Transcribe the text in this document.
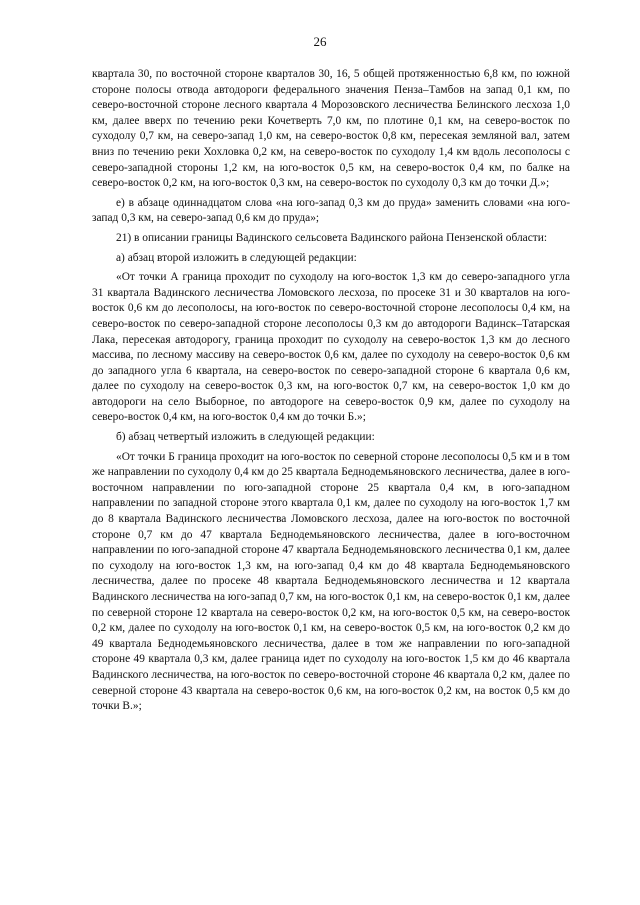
26

квартала 30, по восточной стороне кварталов 30, 16, 5 общей протяженностью 6,8 км, по южной стороне полосы отвода автодороги федерального значения Пенза–Тамбов на запад 0,1 км, по северо-восточной стороне лесного квартала 4 Морозовского лесничества Белинского лесхоза 1,0 км, далее вверх по течению реки Кочетверть 7,0 км, по плотине 0,1 км, на северо-восток по суходолу 0,7 км, на северо-запад 1,0 км, на северо-восток 0,8 км, пересекая земляной вал, затем вниз по течению реки Хохловка 0,2 км, на северо-восток по суходолу 1,4 км вдоль лесополосы с северо-западной стороны 1,2 км, на юго-восток 0,5 км, на северо-восток 0,4 км, по балке на северо-восток 0,2 км, на юго-восток 0,3 км, на северо-восток по суходолу 0,3 км до точки Д.»;

е) в абзаце одиннадцатом слова «на юго-запад 0,3 км до пруда» заменить словами «на юго-запад 0,3 км, на северо-запад 0,6 км до пруда»;

21) в описании границы Вадинского сельсовета Вадинского района Пензенской области:

а) абзац второй изложить в следующей редакции:

«От точки А граница проходит по суходолу на юго-восток 1,3 км до северо-западного угла 31 квартала Вадинского лесничества Ломовского лесхоза, по просеке 31 и 30 кварталов на юго-восток 0,6 км до лесополосы, на юго-восток по северо-восточной стороне лесополосы 0,4 км, на северо-восток по северо-западной стороне лесополосы 0,3 км до автодороги Вадинск–Татарская Лака, пересекая автодорогу, граница проходит по суходолу на северо-восток 1,3 км до лесного массива, по лесному массиву на северо-восток 0,6 км, далее по суходолу на северо-восток 0,6 км до западного угла 6 квартала, на северо-восток по северо-западной стороне 6 квартала 0,6 км, далее по суходолу на северо-восток 0,3 км, на юго-восток 0,7 км, на северо-восток 1,0 км до автодороги на село Выборное, по автодороге на северо-восток 0,9 км, далее по суходолу на северо-восток 0,4 км, на юго-восток 0,4 км до точки Б.»;

б) абзац четвертый изложить в следующей редакции:

«От точки Б граница проходит на юго-восток по северной стороне лесополосы 0,5 км и в том же направлении по суходолу 0,4 км до 25 квартала Беднодемьяновского лесничества, далее в юго-восточном направлении по юго-западной стороне 25 квартала 0,4 км, в юго-западном направлении по западной стороне этого квартала 0,1 км, далее по суходолу на юго-восток 1,7 км до 8 квартала Вадинского лесничества Ломовского лесхоза, далее на юго-восток по восточной стороне 0,7 км до 47 квартала Беднодемьяновского лесничества, далее в юго-восточном направлении по юго-западной стороне 47 квартала Беднодемьяновского лесничества 0,1 км, далее по суходолу на юго-восток 1,3 км, на юго-запад 0,4 км до 48 квартала Беднодемьяновского лесничества, далее по просеке 48 квартала Беднодемьяновского лесничества и 12 квартала Вадинского лесничества на юго-запад 0,7 км, на юго-восток 0,1 км, на северо-восток 0,1 км, далее по северной стороне 12 квартала на северо-восток 0,2 км, на юго-восток 0,5 км, на северо-восток 0,2 км, далее по суходолу на юго-восток 0,1 км, на северо-восток 0,5 км, на юго-восток 0,2 км до 49 квартала Беднодемьяновского лесничества, далее в том же направлении по юго-западной стороне 49 квартала 0,3 км, далее граница идет по суходолу на юго-восток 1,5 км до 46 квартала Вадинского лесничества, на юго-восток по северо-восточной стороне 46 квартала 0,2 км, далее по северной стороне 43 квартала на северо-восток 0,6 км, на юго-восток 0,2 км, на восток 0,5 км до точки В.»;
